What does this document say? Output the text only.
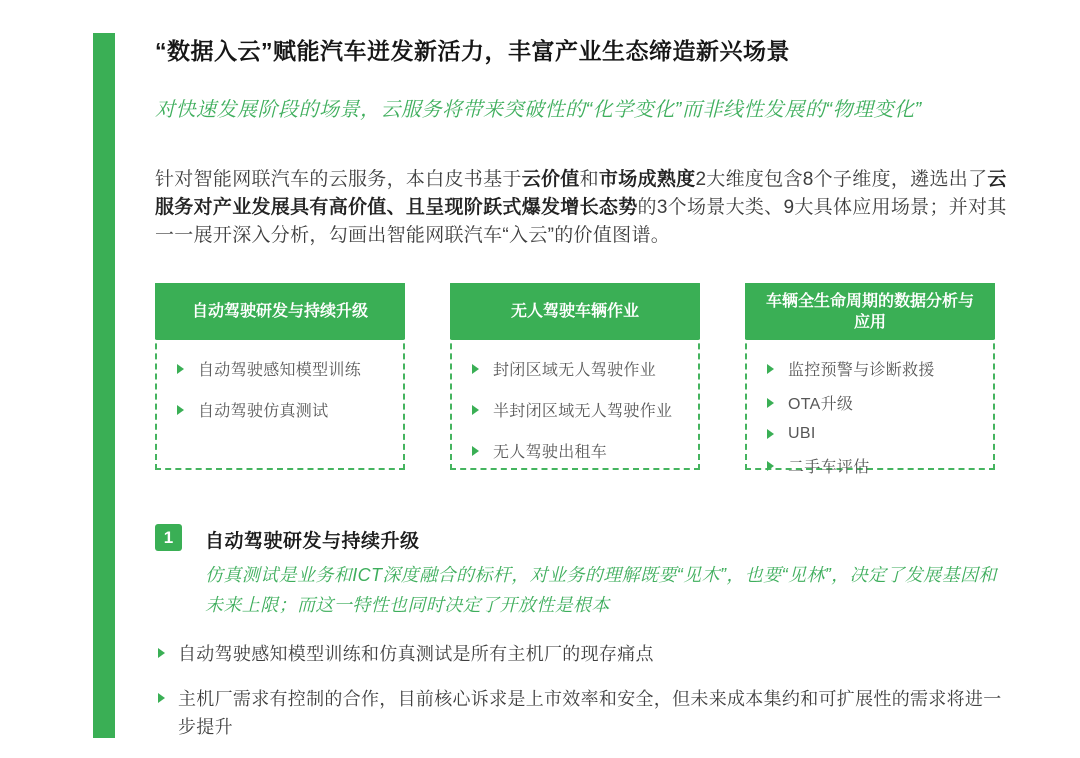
“数据入云”赋能汽车迸发新活力，丰富产业生态缔造新兴场景
对快速发展阶段的场景，云服务将带来突破性的“化学变化”而非线性发展的“物理变化”

针对智能网联汽车的云服务，本白皮书基于云价值和市场成熟度2大维度包含8个子维度，遴选出了云服务对产业发展具有高价值、且呈现阶跃式爆发增长态势的3个场景大类、9大具体应用场景；并对其一一展开深入分析，勾画出智能网联汽车“入云”的价值图谱。

自动驾驶研发与持续升级
自动驾驶感知模型训练
自动驾驶仿真测试
无人驾驶车辆作业
封闭区域无人驾驶作业
半封闭区域无人驾驶作业
无人驾驶出租车
车辆全生命周期的数据分析与应用
监控预警与诊断救援
OTA升级
UBI
二手车评估
1	自动驾驶研发与持续升级
仿真测试是业务和ICT深度融合的标杆，对业务的理解既要“见木”，也要“见林”，决定了发展基因和未来上限；而这一特性也同时决定了开放性是根本
自动驾驶感知模型训练和仿真测试是所有主机厂的现存痛点
主机厂需求有控制的合作，目前核心诉求是上市效率和安全，但未来成本集约和可扩展性的需求将进一步提升
